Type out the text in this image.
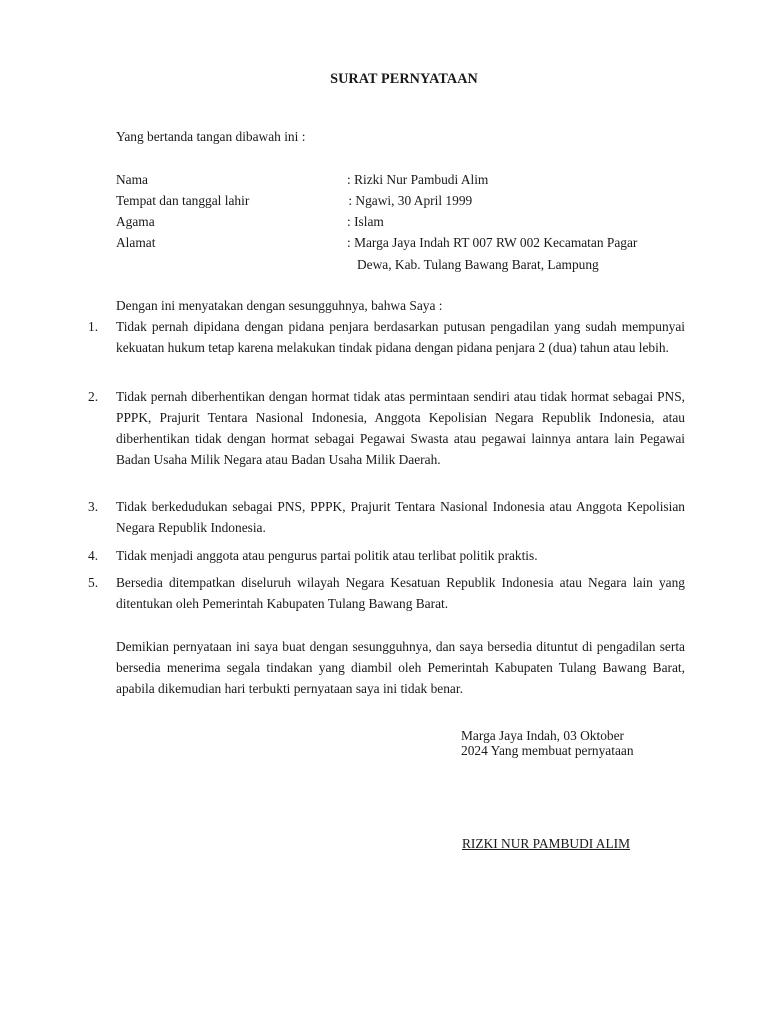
SURAT PERNYATAAN
Yang bertanda tangan dibawah ini :
Nama	: Rizki Nur Pambudi Alim
Tempat dan tanggal lahir	: Ngawi, 30 April 1999
Agama	: Islam
Alamat	: Marga Jaya Indah RT 007 RW 002 Kecamatan Pagar
Dewa, Kab. Tulang Bawang Barat, Lampung
Dengan ini menyatakan dengan sesungguhnya, bahwa Saya :
1. Tidak pernah dipidana dengan pidana penjara berdasarkan putusan pengadilan yang sudah mempunyai kekuatan hukum tetap karena melakukan tindak pidana dengan pidana penjara 2 (dua) tahun atau lebih.
2. Tidak pernah diberhentikan dengan hormat tidak atas permintaan sendiri atau tidak hormat sebagai PNS, PPPK, Prajurit Tentara Nasional Indonesia, Anggota Kepolisian Negara Republik Indonesia, atau diberhentikan tidak dengan hormat sebagai Pegawai Swasta atau pegawai lainnya antara lain Pegawai Badan Usaha Milik Negara atau Badan Usaha Milik Daerah.
3. Tidak berkedudukan sebagai PNS, PPPK, Prajurit Tentara Nasional Indonesia atau Anggota Kepolisian Negara Republik Indonesia.
4. Tidak menjadi anggota atau pengurus partai politik atau terlibat politik praktis.
5. Bersedia ditempatkan diseluruh wilayah Negara Kesatuan Republik Indonesia atau Negara lain yang ditentukan oleh Pemerintah Kabupaten Tulang Bawang Barat.
Demikian pernyataan ini saya buat dengan sesungguhnya, dan saya bersedia dituntut di pengadilan serta bersedia menerima segala tindakan yang diambil oleh Pemerintah Kabupaten Tulang Bawang Barat, apabila dikemudian hari terbukti pernyataan saya ini tidak benar.
Marga Jaya Indah, 03 Oktober
2024 Yang membuat pernyataan
RIZKI NUR PAMBUDI ALIM
